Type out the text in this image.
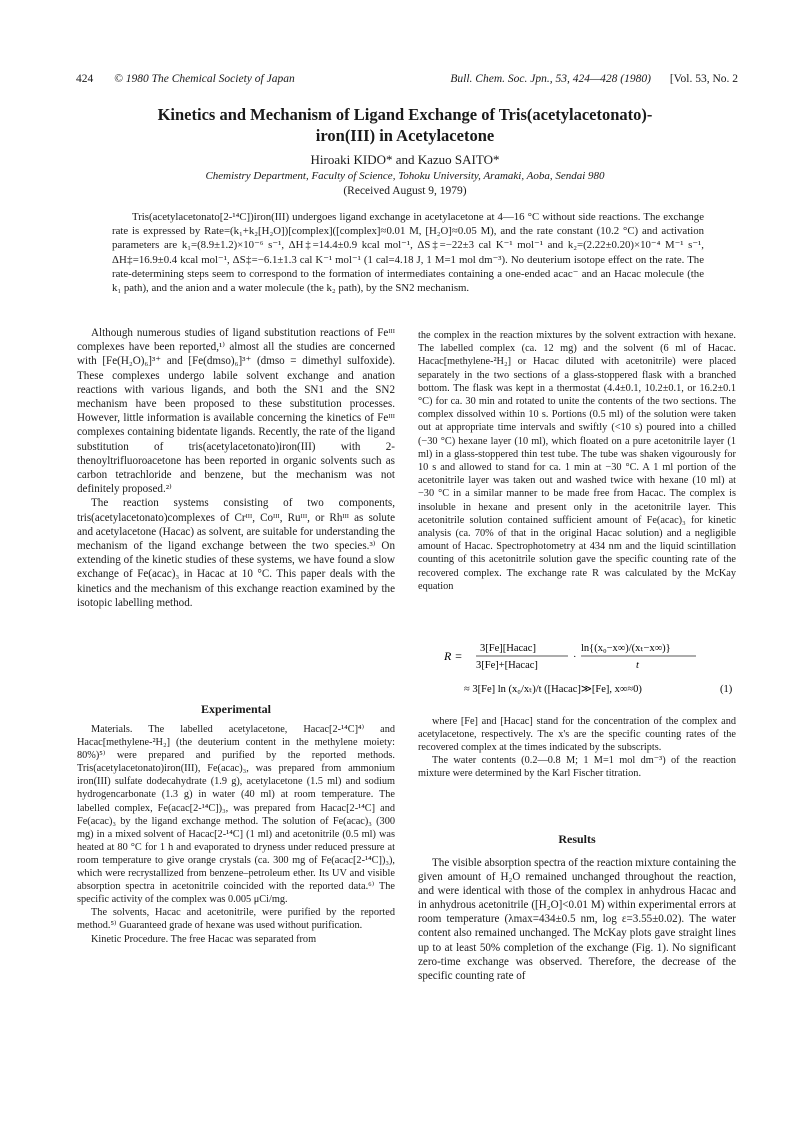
424 © 1980 The Chemical Society of Japan	Bull. Chem. Soc. Jpn., 53, 424—428 (1980) [Vol. 53, No. 2
Kinetics and Mechanism of Ligand Exchange of Tris(acetylacetonato)-
iron(III) in Acetylacetone
Hiroaki KIDO* and Kazuo SAITO*
Chemistry Department, Faculty of Science, Tohoku University, Aramaki, Aoba, Sendai 980
(Received August 9, 1979)
Tris(acetylacetonato[2-¹⁴C])iron(III) undergoes ligand exchange in acetylacetone at 4—16 °C without side reactions. The exchange rate is expressed by Rate=(k₁+k₂[H₂O])[complex]([complex]≈0.01 M, [H₂O]≈0.05 M), and the rate constant (10.2 °C) and activation parameters are k₁=(8.9±1.2)×10⁻⁶ s⁻¹, ΔH‡=14.4±0.9 kcal mol⁻¹, ΔS‡=−22±3 cal K⁻¹ mol⁻¹ and k₂=(2.22±0.20)×10⁻⁴ M⁻¹ s⁻¹, ΔH‡=16.9±0.4 kcal mol⁻¹, ΔS‡=−6.1±1.3 cal K⁻¹ mol⁻¹ (1 cal=4.18 J, 1 M=1 mol dm⁻³). No deuterium isotope effect on the rate. The rate-determining steps seem to correspond to the formation of intermediates containing a one-ended acac⁻ and an Hacac molecule (the k₁ path), and the anion and a water molecule (the k₂ path), by the SN2 mechanism.

Although numerous studies of ligand substitution reactions of Feᴵᴵᴵ complexes have been reported,¹⁾ almost all the studies are concerned with [Fe(H₂O)₆]³⁺ and [Fe(dmso)₆]³⁺ (dmso = dimethyl sulfoxide). These complexes undergo labile solvent exchange and anation reactions with various ligands, and both the SN1 and the SN2 mechanism have been proposed to these substitution processes. However, little information is available concerning the kinetics of Feᴵᴵᴵ complexes containing bidentate ligands. Recently, the rate of the ligand substitution of tris(acetylacetonato)iron(III) with 2-thenoyltrifluoroacetone has been reported in organic solvents such as carbon tetrachloride and benzene, but the mechanism was not definitely proposed.²⁾

The reaction systems consisting of two components, tris(acetylacetonato)complexes of Crᴵᴵᴵ, Coᴵᴵᴵ, Ruᴵᴵᴵ, or Rhᴵᴵᴵ as solute and acetylacetone (Hacac) as solvent, are suitable for understanding the mechanism of the ligand exchange between the two species.³⁾ On extending of the kinetic studies of these systems, we have found a slow exchange of Fe(acac)₃ in Hacac at 10 °C. This paper deals with the kinetics and the mechanism of this exchange reaction examined by the isotopic labelling method.

Experimental

Materials. The labelled acetylacetone, Hacac[2-¹⁴C]⁴⁾ and Hacac[methylene-²H₂] (the deuterium content in the methylene moiety: 80%)⁵⁾ were prepared and purified by the reported methods. Tris(acetylacetonato)iron(III), Fe(acac)₃, was prepared from ammonium iron(III) sulfate dodecahydrate (1.9 g), acetylacetone (1.5 ml) and sodium hydrogencarbonate (1.3 g) in water (40 ml) at room temperature. The labelled complex, Fe(acac[2-¹⁴C])₃, was prepared from Hacac[2-¹⁴C] and Fe(acac)₃ by the ligand exchange method. The solution of Fe(acac)₃ (300 mg) in a mixed solvent of Hacac[2-¹⁴C] (1 ml) and acetonitrile (0.5 ml) was heated at 80 °C for 1 h and evaporated to dryness under reduced pressure at room temperature to give orange crystals (ca. 300 mg of Fe(acac[2-¹⁴C])₃), which were recrystallized from benzene–petroleum ether. Its UV and visible absorption spectra in acetonitrile coincided with the reported data.⁶⁾ The specific activity of the complex was 0.005 μCi/mg.

The solvents, Hacac and acetonitrile, were purified by the reported method.⁵⁾ Guaranteed grade of hexane was used without purification.

Kinetic Procedure. The free Hacac was separated from

the complex in the reaction mixtures by the solvent extraction with hexane. The labelled complex (ca. 12 mg) and the solvent (6 ml of Hacac. Hacac[methylene-²H₂] or Hacac diluted with acetonitrile) were placed separately in the two sections of a glass-stoppered flask with a branched bottom. The flask was kept in a thermostat (4.4±0.1, 10.2±0.1, or 16.2±0.1 °C) for ca. 30 min and rotated to unite the contents of the two sections. The complex dissolved within 10 s. Portions (0.5 ml) of the solution were taken out at appropriate time intervals and swiftly (<10 s) poured into a chilled (−30 °C) hexane layer (10 ml), which floated on a pure acetonitrile layer (1 ml) in a glass-stoppered thin test tube. The tube was shaken vigourously for 10 s and allowed to stand for ca. 1 min at −30 °C. A 1 ml portion of the acetonitrile layer was taken out and washed twice with hexane (10 ml) at −30 °C in a similar manner to be made free from Hacac. The complex is insoluble in hexane and present only in the acetonitrile layer. This acetonitrile solution contained sufficient amount of Fe(acac)₃ for kinetic analysis (ca. 70% of that in the original Hacac solution) and a negligible amount of Hacac. Spectrophotometry at 434 nm and the liquid scintillation counting of this acetonitrile solution gave the specific counting rate of the recovered complex. The exchange rate R was calculated by the McKay equation

R =
3[Fe][Hacac]
3[Fe]+[Hacac]
·
ln{(x₀−x∞)/(xₜ−x∞)}
t
≈ 3[Fe] ln (x₀/xₜ)/t ([Hacac]≫[Fe], x∞≈0)	(1)

where [Fe] and [Hacac] stand for the concentration of the complex and acetylacetone, respectively. The x's are the specific counting rates of the recovered complex at the times indicated by the subscripts.

The water contents (0.2—0.8 M; 1 M=1 mol dm⁻³) of the reaction mixture were determined by the Karl Fischer titration.

Results

The visible absorption spectra of the reaction mixture containing the given amount of H₂O remained unchanged throughout the reaction, and were identical with those of the complex in anhydrous Hacac and in anhydrous acetonitrile ([H₂O]<0.01 M) within experimental errors at room temperature (λmax=434±0.5 nm, log ε=3.55±0.02). The water content also remained unchanged. The McKay plots gave straight lines up to at least 50% completion of the exchange (Fig. 1). No significant zero-time exchange was observed. Therefore, the decrease of the specific counting rate of
